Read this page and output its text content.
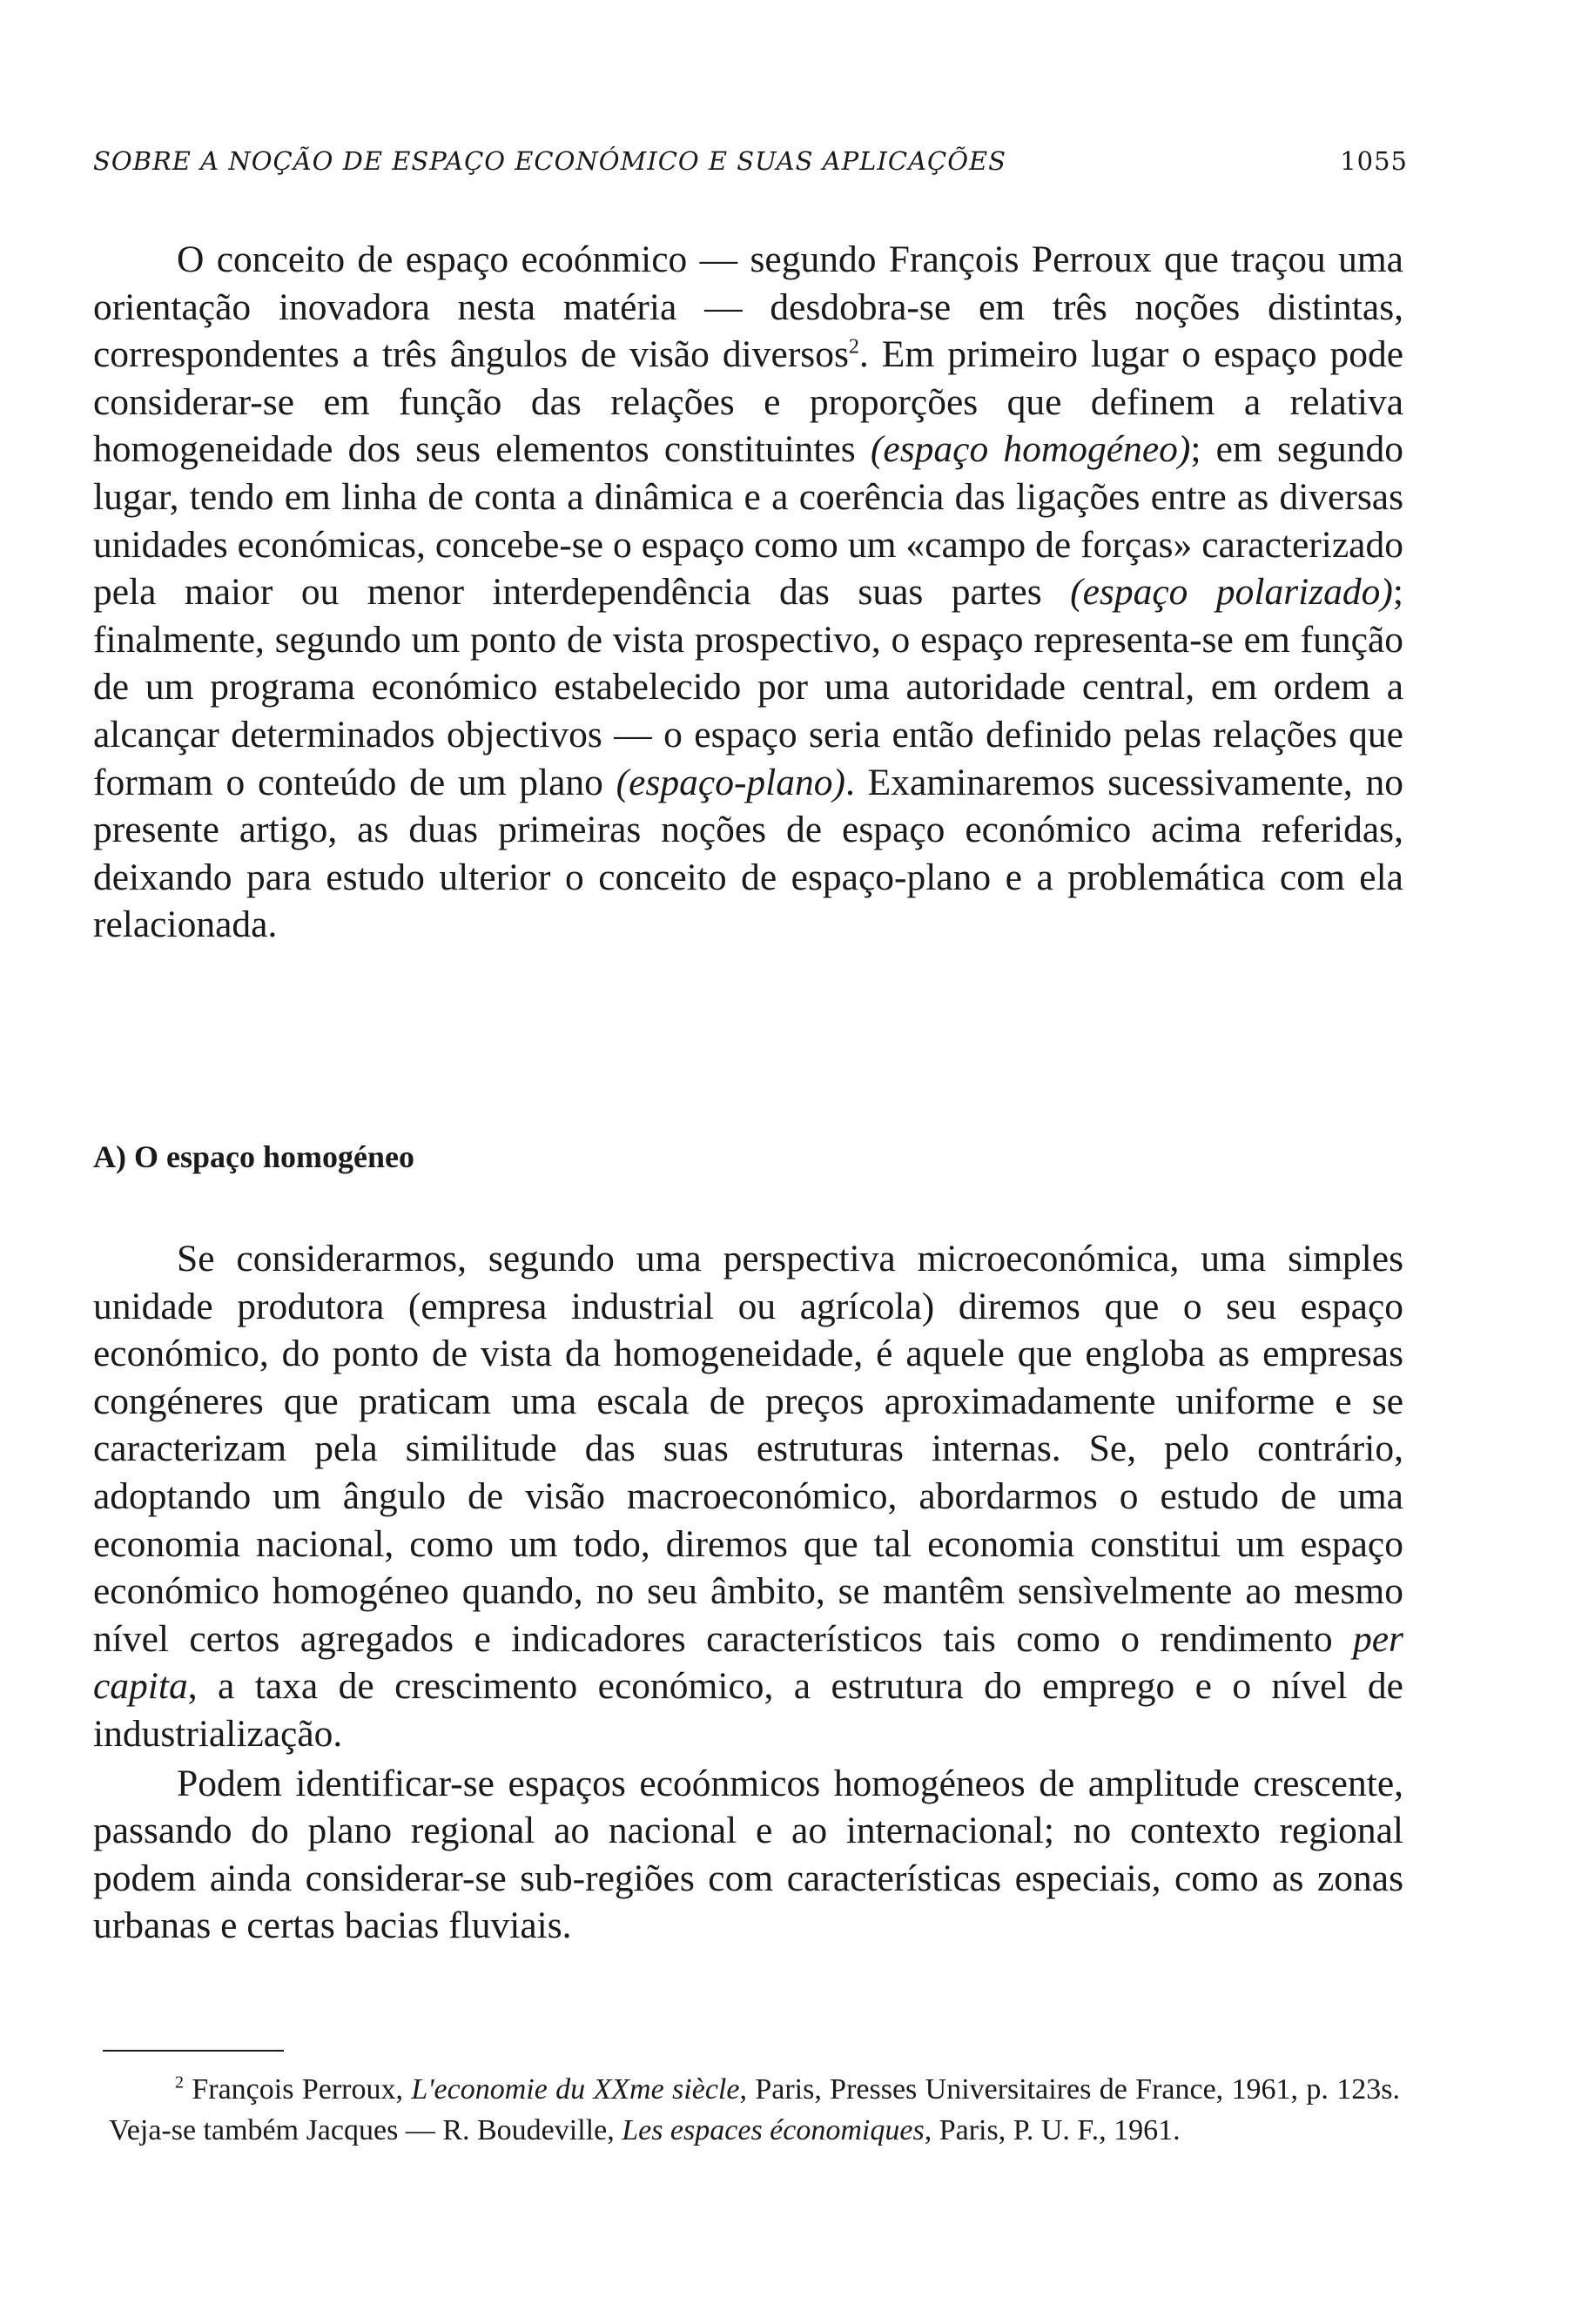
SOBRE A NOÇÃO DE ESPAÇO ECONÓMICO E SUAS APLICAÇÕES	1055

O conceito de espaço ecoónmico — segundo François Perroux que traçou uma orientação inovadora nesta matéria — desdobra-se em três noções distintas, correspondentes a três ângulos de visão diversos$^2$. Em primeiro lugar o espaço pode considerar-se em função das relações e proporções que definem a relativa homogeneidade dos seus elementos constituintes (espaço homogéneo); em segundo lugar, tendo em linha de conta a dinâmica e a coerência das ligações entre as diversas unidades económicas, concebe-se o espaço como um «campo de forças» caracterizado pela maior ou menor interdependência das suas partes (espaço polarizado); finalmente, segundo um ponto de vista prospectivo, o espaço representa-se em função de um programa económico estabelecido por uma autoridade central, em ordem a alcançar determinados objectivos — o espaço seria então definido pelas relações que formam o conteúdo de um plano (espaço-plano). Examinaremos sucessivamente, no presente artigo, as duas primeiras noções de espaço económico acima referidas, deixando para estudo ulterior o conceito de espaço-plano e a problemática com ela relacionada.

A) O espaço homogéneo

Se considerarmos, segundo uma perspectiva microeconómica, uma simples unidade produtora (empresa industrial ou agrícola) diremos que o seu espaço económico, do ponto de vista da homogeneidade, é aquele que engloba as empresas congéneres que praticam uma escala de preços aproximadamente uniforme e se caracterizam pela similitude das suas estruturas internas. Se, pelo contrário, adoptando um ângulo de visão macroeconómico, abordarmos o estudo de uma economia nacional, como um todo, diremos que tal economia constitui um espaço económico homogéneo quando, no seu âmbito, se mantêm sensìvelmente ao mesmo nível certos agregados e indicadores característicos tais como o rendimento per capita, a taxa de crescimento económico, a estrutura do emprego e o nível de industrialização.

Podem identificar-se espaços ecoónmicos homogéneos de amplitude crescente, passando do plano regional ao nacional e ao internacional; no contexto regional podem ainda considerar-se sub-regiões com características especiais, como as zonas urbanas e certas bacias fluviais.

$^2$ François Perroux, L'economie du XXme siècle, Paris, Presses Universitaires de France, 1961, p. 123s. Veja-se também Jacques — R. Boudeville, Les espaces économiques, Paris, P. U. F., 1961.
